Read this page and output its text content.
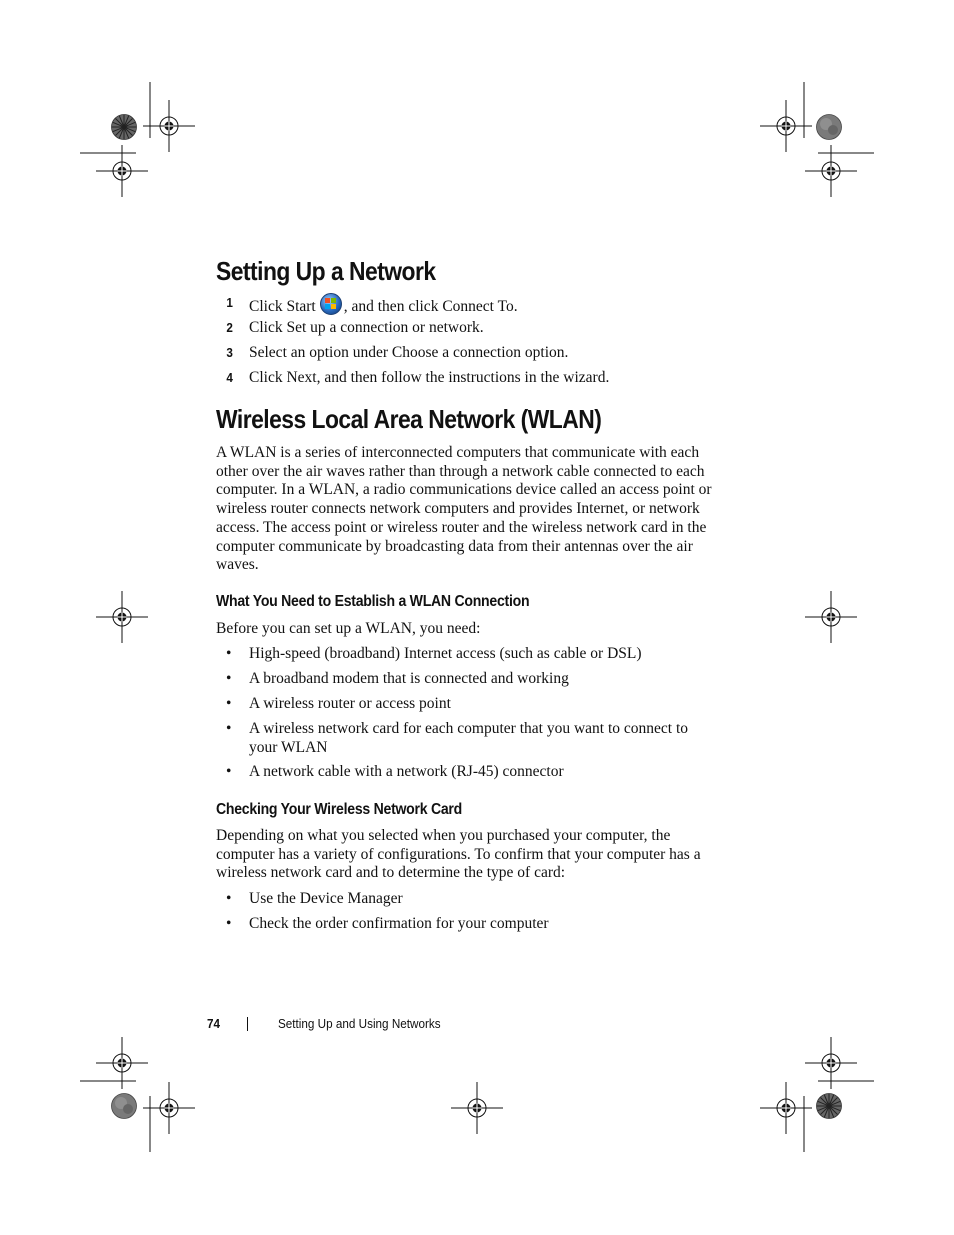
Setting Up a Network
1 Click Start , and then click Connect To.
2 Click Set up a connection or network.
3 Select an option under Choose a connection option.
4 Click Next, and then follow the instructions in the wizard.
Wireless Local Area Network (WLAN)

A WLAN is a series of interconnected computers that communicate with each other over the air waves rather than through a network cable connected to each computer. In a WLAN, a radio communications device called an access point or wireless router connects network computers and provides Internet, or network access. The access point or wireless router and the wireless network card in the computer communicate by broadcasting data from their antennas over the air waves.

What You Need to Establish a WLAN Connection

Before you can set up a WLAN, you need:

• High-speed (broadband) Internet access (such as cable or DSL)
• A broadband modem that is connected and working
• A wireless router or access point
• A wireless network card for each computer that you want to connect to your WLAN
• A network cable with a network (RJ-45) connector
Checking Your Wireless Network Card

Depending on what you selected when you purchased your computer, the computer has a variety of configurations. To confirm that your computer has a wireless network card and to determine the type of card:

• Use the Device Manager
• Check the order confirmation for your computer
74	Setting Up and Using Networks
